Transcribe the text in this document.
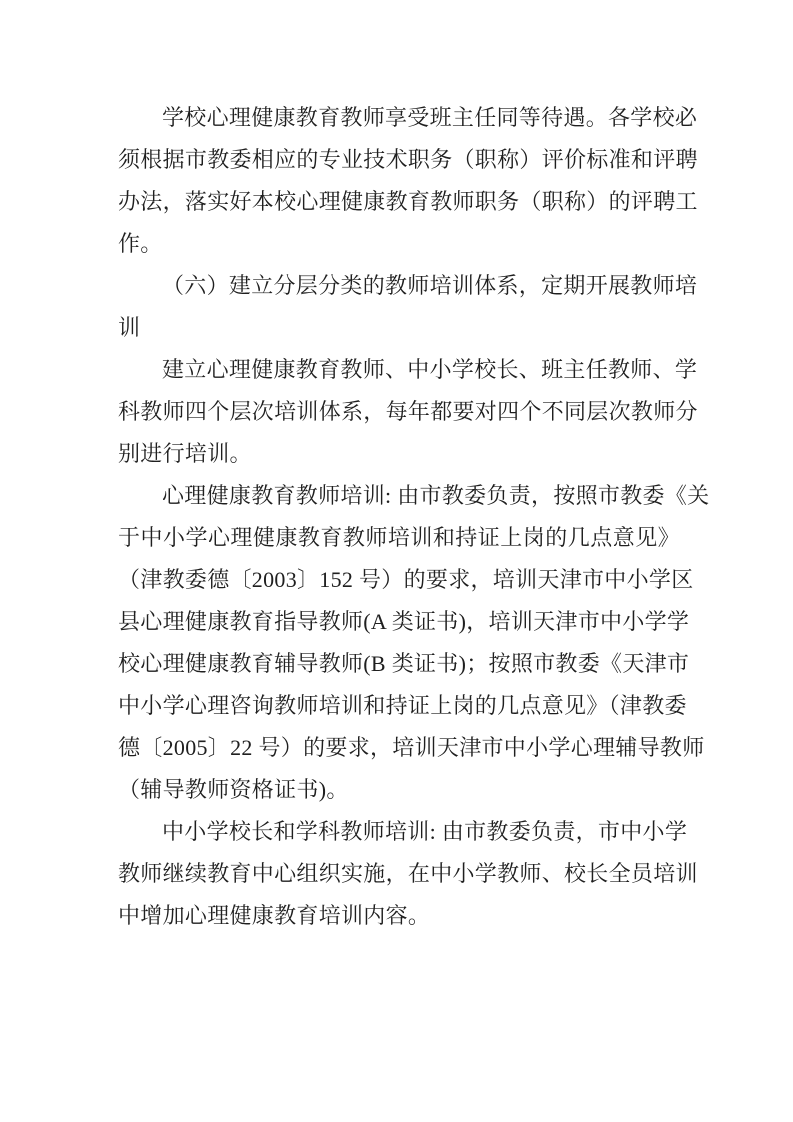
学校心理健康教育教师享受班主任同等待遇。各学校必
须根据市教委相应的专业技术职务（职称）评价标准和评聘
办法，落实好本校心理健康教育教师职务（职称）的评聘工
作。

（六）建立分层分类的教师培训体系，定期开展教师培
训

建立心理健康教育教师、中小学校长、班主任教师、学
科教师四个层次培训体系，每年都要对四个不同层次教师分
别进行培训。

心理健康教育教师培训: 由市教委负责，按照市教委《关
于中小学心理健康教育教师培训和持证上岗的几点意见》
（津教委德〔2003〕152 号）的要求，培训天津市中小学区
县心理健康教育指导教师(A 类证书)，培训天津市中小学学
校心理健康教育辅导教师(B 类证书)；按照市教委《天津市
中小学心理咨询教师培训和持证上岗的几点意见》（津教委
德〔2005〕22 号）的要求，培训天津市中小学心理辅导教师
（辅导教师资格证书)。

中小学校长和学科教师培训: 由市教委负责，市中小学
教师继续教育中心组织实施，在中小学教师、校长全员培训
中增加心理健康教育培训内容。
